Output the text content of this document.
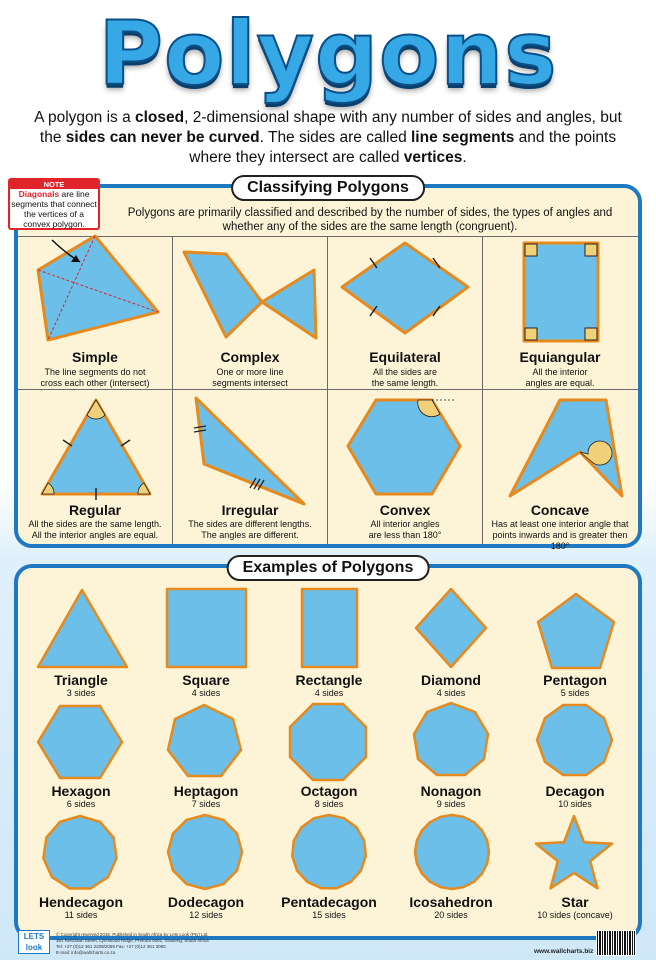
Polygons
A polygon is a closed, 2-dimensional shape with any number of sides and angles, but the sides can never be curved. The sides are called line segments and the points where they intersect are called vertices.
Classifying Polygons
NOTE
Diagonals are line segments that connect the vertices of a convex polygon.
Polygons are primarily classified and described by the number of sides, the types of angles and whether any of the sides are the same length (congruent).
Simple
The line segments do not
cross each other (intersect)
Complex
One or more line
segments intersect
Equilateral
All the sides are
the same length.
Equiangular
All the interior
angles are equal.
Regular
All the sides are the same length.
All the interior angles are equal.
Irregular
The sides are different lengths.
The angles are different.
Convex
All interior angles
are less than 180°
Concave
Has at least one interior angle that
points inwards and is greater then 180°
Examples of Polygons
Triangle
3 sides
Square
4 sides
Rectangle
4 sides
Diamond
4 sides
Pentagon
5 sides
Hexagon
6 sides
Heptagon
7 sides
Octagon
8 sides
Nonagon
9 sides
Decagon
10 sides
Hendecagon
11 sides
Dodecagon
12 sides
Pentadecagon
15 sides
Icosahedron
20 sides
Star
10 sides (concave)
LETS
look
© Copyright reserved 2016. Published in South Africa by Lets Look (Pty) Ltd.
361 Reitzlaan Street, Lynnwood Ridge, Pretoria 0081, Gauteng, South Africa
Tel: +27 (0)12 361 2209/2059 Fax: +27 (0)12 361 3060
E-mail: info@wallcharts.co.za	www.wallcharts.biz
